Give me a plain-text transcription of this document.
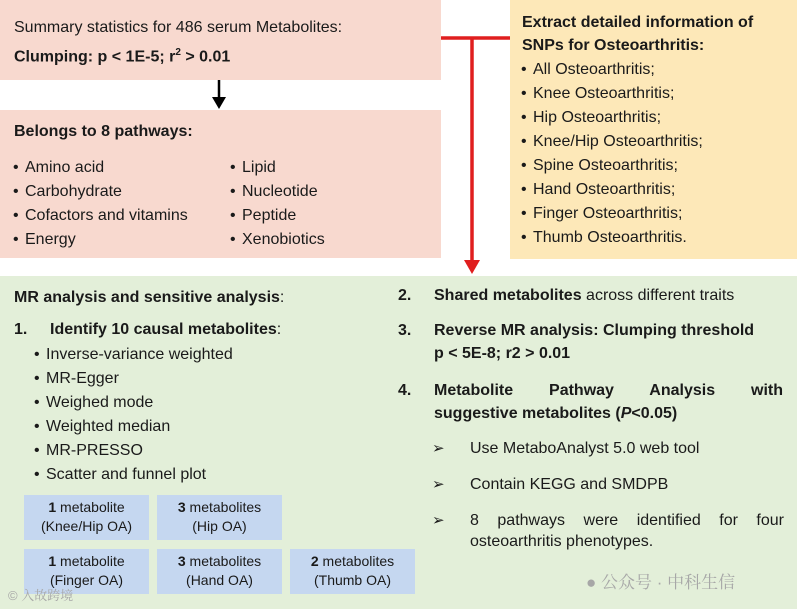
Summary statistics for 486 serum Metabolites:
Clumping: p < 1E-5; $r^2 > 0.01$
Extract detailed information of
SNPs for Osteoarthritis:
• All Osteoarthritis;
• Knee Osteoarthritis;
• Hip Osteoarthritis;
• Knee/Hip Osteoarthritis;
• Spine Osteoarthritis;
• Hand Osteoarthritis;
• Finger Osteoarthritis;
• Thumb Osteoarthritis.
Belongs to 8 pathways:
• Amino acid
• Carbohydrate
• Cofactors and vitamins
• Energy
• Lipid
• Nucleotide
• Peptide
• Xenobiotics
MR analysis and sensitive analysis:
1. Identify 10 causal metabolites:
• Inverse-variance weighted
• MR-Egger
• Weighed mode
• Weighted median
• MR-PRESSO
• Scatter and funnel plot
1 metabolite
(Knee/Hip OA)
3 metabolites
(Hip OA)
1 metabolite
(Finger OA)
3 metabolites
(Hand OA)
2 metabolites
(Thumb OA)
2. Shared metabolites across different traits
3. Reverse MR analysis: Clumping threshold
p < 5E-8; r2 > 0.01
4. Metabolite Pathway Analysis with
suggestive metabolites (P<0.05)
➢ Use MetaboAnalyst 5.0 web tool
➢ Contain KEGG and SMDPB
➢ 8 pathways were identified for four osteoarthritis phenotypes.
© 入故跨境
● 公众号 · 中科生信
